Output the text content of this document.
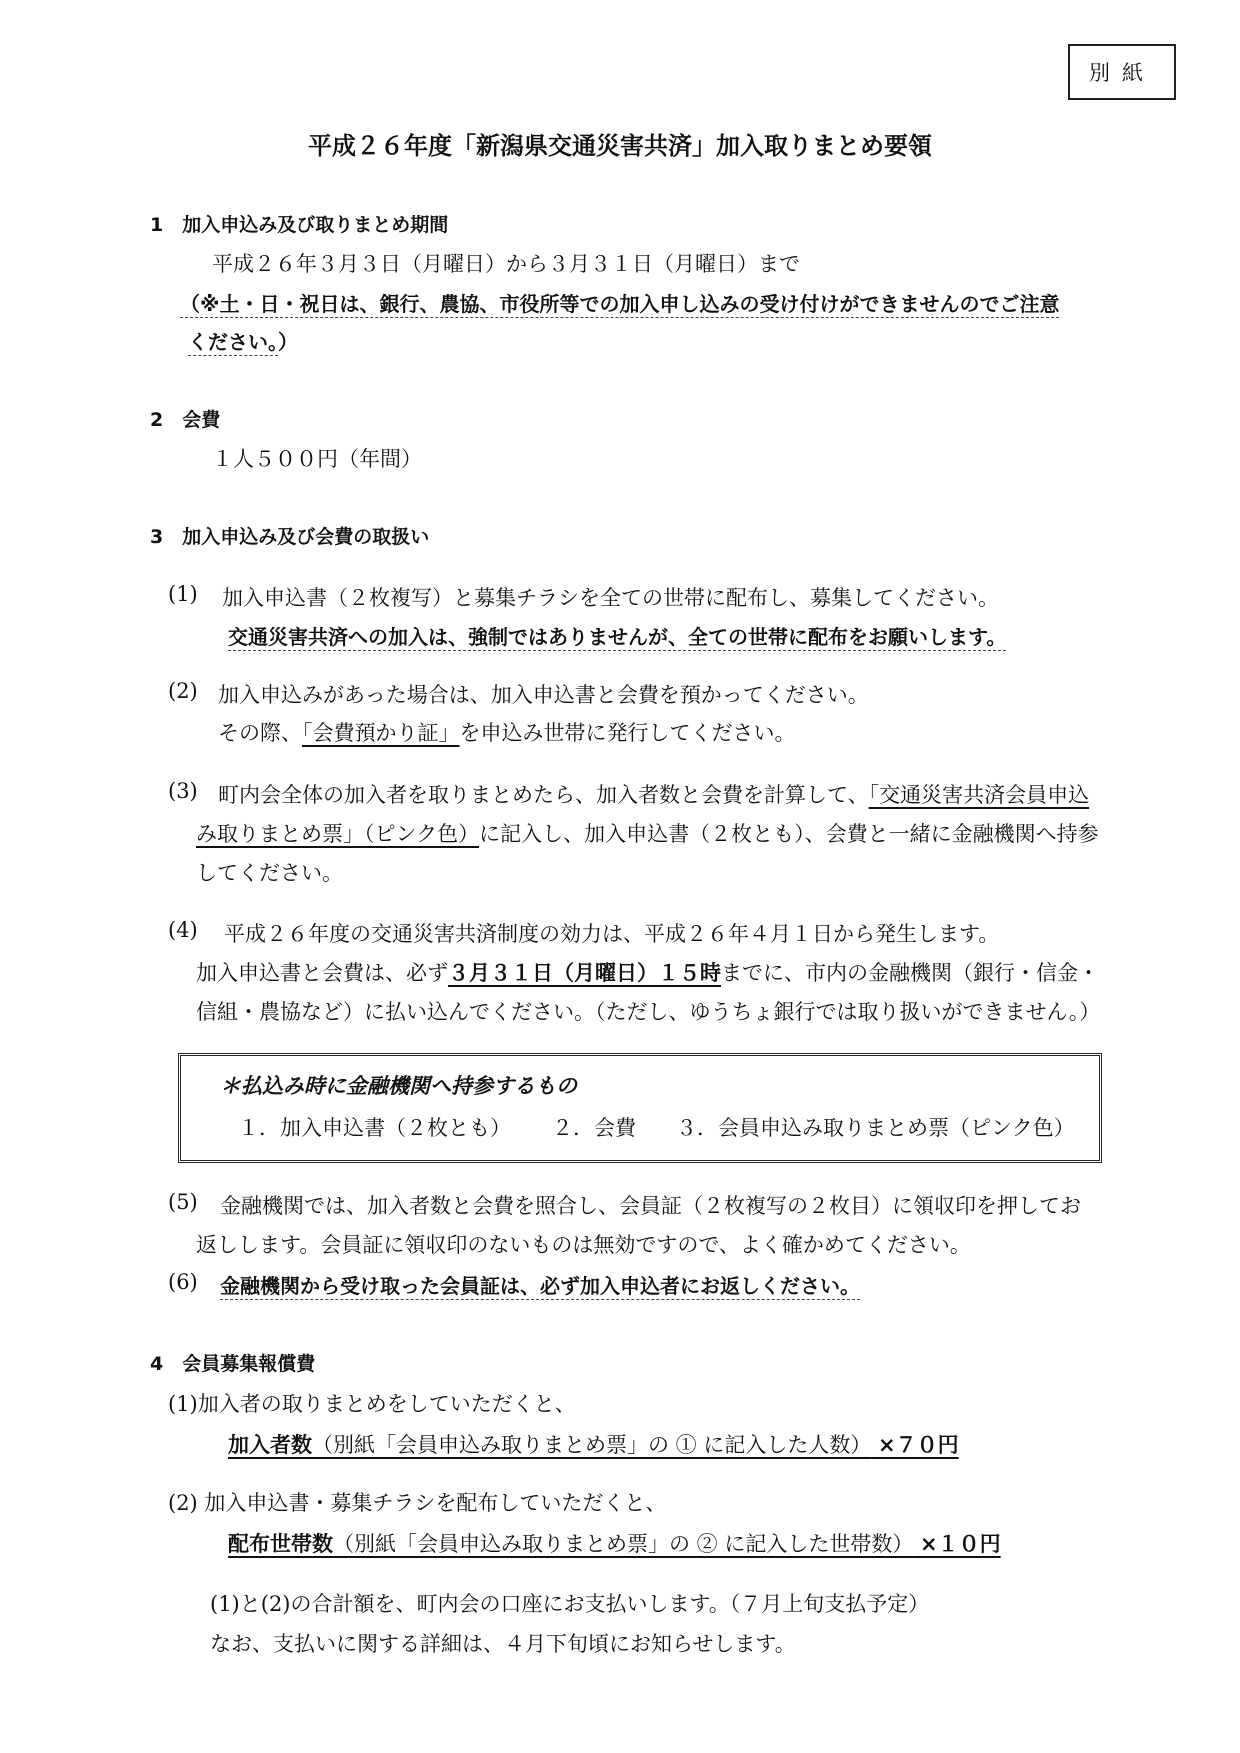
別紙
平成２６年度「新潟県交通災害共済」加入取りまとめ要領
1　加入申込み及び取りまとめ期間
平成２６年３月３日（月曜日）から３月３１日（月曜日）まで
（※土・日・祝日は、銀行、農協、市役所等での加入申し込みの受け付けができませんのでご注意
ください。）
2　会費
１人５００円（年間）
3　加入申込み及び会費の取扱い
(1) 加入申込書（２枚複写）と募集チラシを全ての世帯に配布し、募集してください。
交通災害共済への加入は、強制ではありませんが、全ての世帯に配布をお願いします。
(2) 加入申込みがあった場合は、加入申込書と会費を預かってください。
その際、「会費預かり証」を申込み世帯に発行してください。
(3) 町内会全体の加入者を取りまとめたら、加入者数と会費を計算して、「交通災害共済会員申込
み取りまとめ票」（ピンク色）に記入し、加入申込書（２枚とも）、会費と一緒に金融機関へ持参
してください。
(4) 平成２６年度の交通災害共済制度の効力は、平成２６年４月１日から発生します。
加入申込書と会費は、必ず３月３１日（月曜日）１５時までに、市内の金融機関（銀行・信金・
信組・農協など）に払い込んでください。（ただし、ゆうちょ銀行では取り扱いができません。）
＊払込み時に金融機関へ持参するもの
１．加入申込書（２枚とも） ２．会費 ３．会員申込み取りまとめ票（ピンク色）
(5) 金融機関では、加入者数と会費を照合し、会員証（２枚複写の２枚目）に領収印を押してお
返しします。会員証に領収印のないものは無効ですので、よく確かめてください。
(6) 金融機関から受け取った会員証は、必ず加入申込者にお返しください。
4　会員募集報償費
(1)加入者の取りまとめをしていただくと、
加入者数（別紙「会員申込み取りまとめ票」の ① に記入した人数） ×７０円
(2) 加入申込書・募集チラシを配布していただくと、
配布世帯数（別紙「会員申込み取りまとめ票」の ② に記入した世帯数） ×１０円
(1)と(2)の合計額を、町内会の口座にお支払いします。（７月上旬支払予定）
なお、支払いに関する詳細は、４月下旬頃にお知らせします。
